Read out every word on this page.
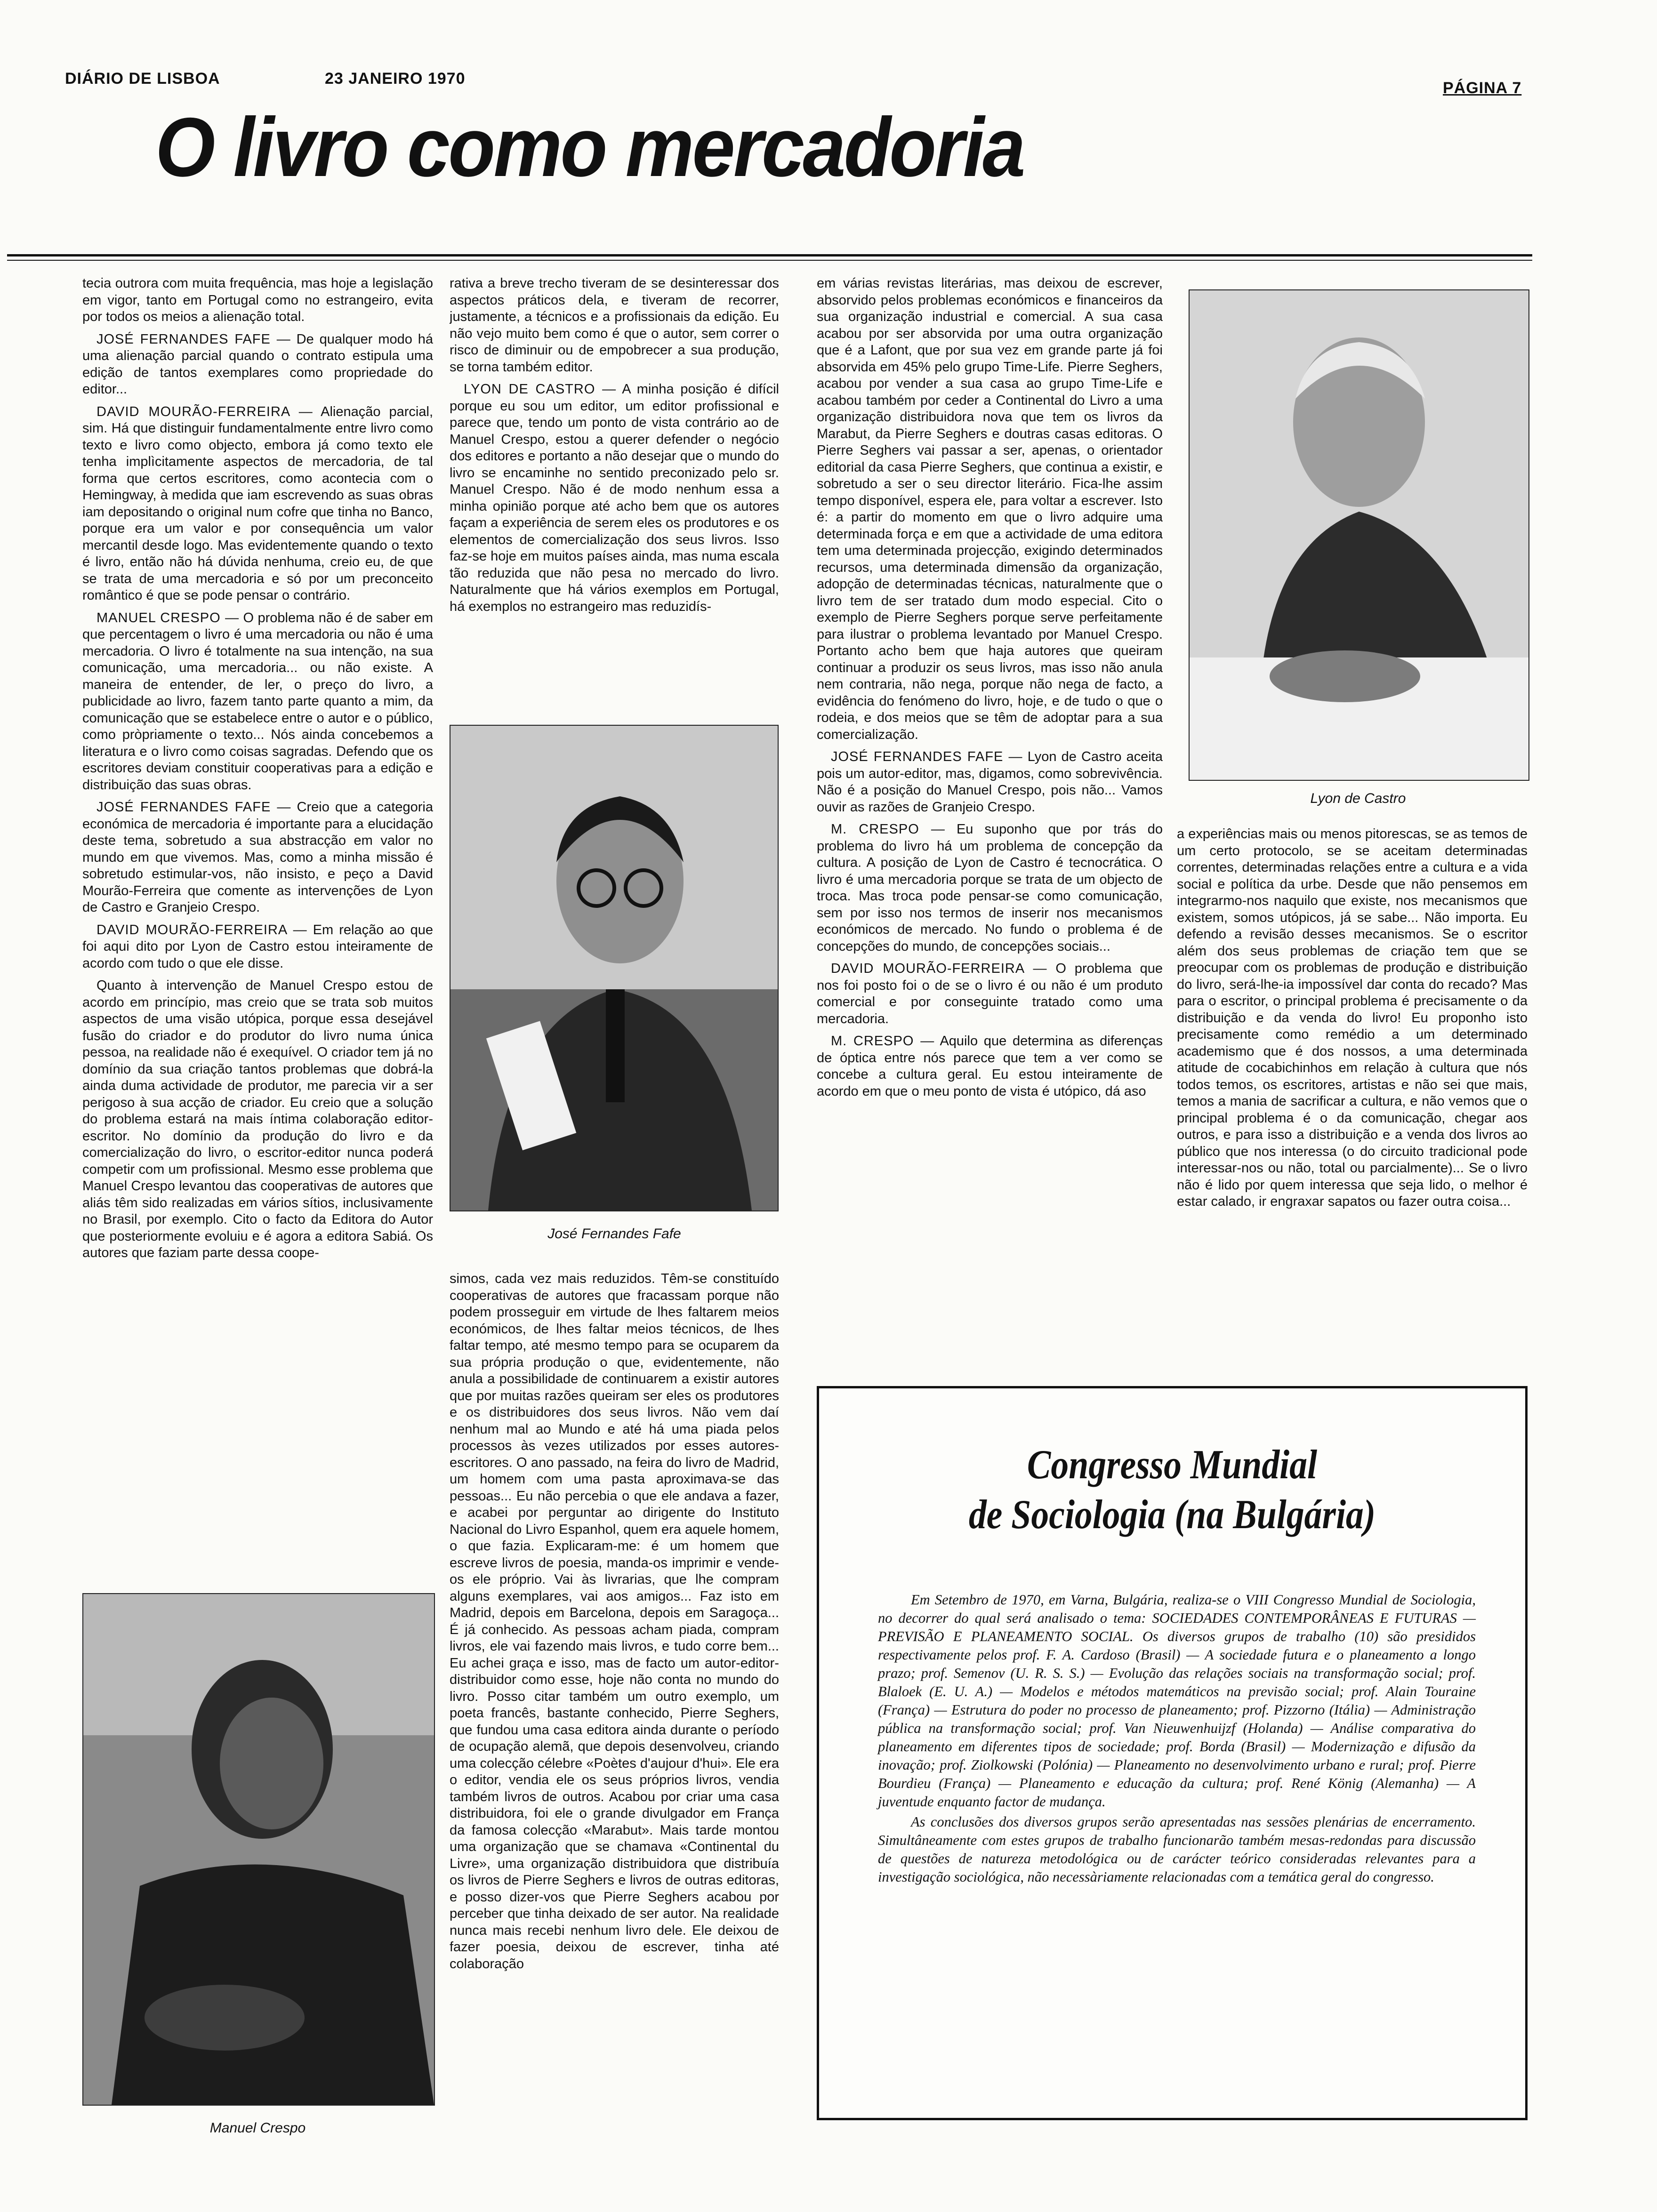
DIÁRIO DE LISBOA	23 JANEIRO 1970
PÁGINA 7
O livro como mercadoria

tecia outrora com muita frequência, mas hoje a legislação em vigor, tanto em Portugal como no estrangeiro, evita por todos os meios a alienação total.

JOSÉ FERNANDES FAFE — De qualquer modo há uma alienação parcial quando o contrato estipula uma edição de tantos exemplares como propriedade do editor...

DAVID MOURÃO-FERREIRA — Alienação parcial, sim. Há que distinguir fundamentalmente entre livro como texto e livro como objecto, embora já como texto ele tenha implìcitamente aspectos de mercadoria, de tal forma que certos escritores, como acontecia com o Hemingway, à medida que iam escrevendo as suas obras iam depositando o original num cofre que tinha no Banco, porque era um valor e por consequência um valor mercantil desde logo. Mas evidentemente quando o texto é livro, então não há dúvida nenhuma, creio eu, de que se trata de uma mercadoria e só por um preconceito romântico é que se pode pensar o contrário.

MANUEL CRESPO — O problema não é de saber em que percentagem o livro é uma mercadoria ou não é uma mercadoria. O livro é totalmente na sua intenção, na sua comunicação, uma mercadoria... ou não existe. A maneira de entender, de ler, o preço do livro, a publicidade ao livro, fazem tanto parte quanto a mim, da comunicação que se estabelece entre o autor e o público, como pròpriamente o texto... Nós ainda concebemos a literatura e o livro como coisas sagradas. Defendo que os escritores deviam constituir cooperativas para a edição e distribuição das suas obras.

JOSÉ FERNANDES FAFE — Creio que a categoria económica de mercadoria é importante para a elucidação deste tema, sobretudo a sua abstracção em valor no mundo em que vivemos. Mas, como a minha missão é sobretudo estimular-vos, não insisto, e peço a David Mourão-Ferreira que comente as intervenções de Lyon de Castro e Granjeio Crespo.

DAVID MOURÃO-FERREIRA — Em relação ao que foi aqui dito por Lyon de Castro estou inteiramente de acordo com tudo o que ele disse.

Quanto à intervenção de Manuel Crespo estou de acordo em princípio, mas creio que se trata sob muitos aspectos de uma visão utópica, porque essa desejável fusão do criador e do produtor do livro numa única pessoa, na realidade não é exequível. O criador tem já no domínio da sua criação tantos problemas que dobrá-la ainda duma actividade de produtor, me parecia vir a ser perigoso à sua acção de criador. Eu creio que a solução do problema estará na mais íntima colaboração editor-escritor. No domínio da produção do livro e da comercialização do livro, o escritor-editor nunca poderá competir com um profissional. Mesmo esse problema que Manuel Crespo levantou das cooperativas de autores que aliás têm sido realizadas em vários sítios, inclusivamente no Brasil, por exemplo. Cito o facto da Editora do Autor que posteriormente evoluiu e é agora a editora Sabiá. Os autores que faziam parte dessa coope-

Manuel Crespo

rativa a breve trecho tiveram de se desinteressar dos aspectos práticos dela, e tiveram de recorrer, justamente, a técnicos e a profissionais da edição. Eu não vejo muito bem como é que o autor, sem correr o risco de diminuir ou de empobrecer a sua produção, se torna também editor.

LYON DE CASTRO — A minha posição é difícil porque eu sou um editor, um editor profissional e parece que, tendo um ponto de vista contrário ao de Manuel Crespo, estou a querer defender o negócio dos editores e portanto a não desejar que o mundo do livro se encaminhe no sentido preconizado pelo sr. Manuel Crespo. Não é de modo nenhum essa a minha opinião porque até acho bem que os autores façam a experiência de serem eles os produtores e os elementos de comercialização dos seus livros. Isso faz-se hoje em muitos países ainda, mas numa escala tão reduzida que não pesa no mercado do livro. Naturalmente que há vários exemplos em Portugal, há exemplos no estrangeiro mas reduzidís-

José Fernandes Fafe

simos, cada vez mais reduzidos. Têm-se constituído cooperativas de autores que fracassam porque não podem prosseguir em virtude de lhes faltarem meios económicos, de lhes faltar meios técnicos, de lhes faltar tempo, até mesmo tempo para se ocuparem da sua própria produção o que, evidentemente, não anula a possibilidade de continuarem a existir autores que por muitas razões queiram ser eles os produtores e os distribuidores dos seus livros. Não vem daí nenhum mal ao Mundo e até há uma piada pelos processos às vezes utilizados por esses autores-escritores. O ano passado, na feira do livro de Madrid, um homem com uma pasta aproximava-se das pessoas... Eu não percebia o que ele andava a fazer, e acabei por perguntar ao dirigente do Instituto Nacional do Livro Espanhol, quem era aquele homem, o que fazia. Explicaram-me: é um homem que escreve livros de poesia, manda-os imprimir e vende-os ele próprio. Vai às livrarias, que lhe compram alguns exemplares, vai aos amigos... Faz isto em Madrid, depois em Barcelona, depois em Saragoça... É já conhecido. As pessoas acham piada, compram livros, ele vai fazendo mais livros, e tudo corre bem... Eu achei graça e isso, mas de facto um autor-editor-distribuidor como esse, hoje não conta no mundo do livro. Posso citar também um outro exemplo, um poeta francês, bastante conhecido, Pierre Seghers, que fundou uma casa editora ainda durante o período de ocupação alemã, que depois desenvolveu, criando uma colecção célebre «Poètes d'aujour d'hui». Ele era o editor, vendia ele os seus próprios livros, vendia também livros de outros. Acabou por criar uma casa distribuidora, foi ele o grande divulgador em França da famosa colecção «Marabut». Mais tarde montou uma organização que se chamava «Continental du Livre», uma organização distribuidora que distribuía os livros de Pierre Seghers e livros de outras editoras, e posso dizer-vos que Pierre Seghers acabou por perceber que tinha deixado de ser autor. Na realidade nunca mais recebi nenhum livro dele. Ele deixou de fazer poesia, deixou de escrever, tinha até colaboração

em várias revistas literárias, mas deixou de escrever, absorvido pelos problemas económicos e financeiros da sua organização industrial e comercial. A sua casa acabou por ser absorvida por uma outra organização que é a Lafont, que por sua vez em grande parte já foi absorvida em 45% pelo grupo Time-Life. Pierre Seghers, acabou por vender a sua casa ao grupo Time-Life e acabou também por ceder a Continental do Livro a uma organização distribuidora nova que tem os livros da Marabut, da Pierre Seghers e doutras casas editoras. O Pierre Seghers vai passar a ser, apenas, o orientador editorial da casa Pierre Seghers, que continua a existir, e sobretudo a ser o seu director literário. Fica-lhe assim tempo disponível, espera ele, para voltar a escrever. Isto é: a partir do momento em que o livro adquire uma determinada força e em que a actividade de uma editora tem uma determinada projecção, exigindo determinados recursos, uma determinada dimensão da organização, adopção de determinadas técnicas, naturalmente que o livro tem de ser tratado dum modo especial. Cito o exemplo de Pierre Seghers porque serve perfeitamente para ilustrar o problema levantado por Manuel Crespo. Portanto acho bem que haja autores que queiram continuar a produzir os seus livros, mas isso não anula nem contraria, não nega, porque não nega de facto, a evidência do fenómeno do livro, hoje, e de tudo o que o rodeia, e dos meios que se têm de adoptar para a sua comercialização.

JOSÉ FERNANDES FAFE — Lyon de Castro aceita pois um autor-editor, mas, digamos, como sobrevivência. Não é a posição do Manuel Crespo, pois não... Vamos ouvir as razões de Granjeio Crespo.

M. CRESPO — Eu suponho que por trás do problema do livro há um problema de concepção da cultura. A posição de Lyon de Castro é tecnocrática. O livro é uma mercadoria porque se trata de um objecto de troca. Mas troca pode pensar-se como comunicação, sem por isso nos termos de inserir nos mecanismos económicos de mercado. No fundo o problema é de concepções do mundo, de concepções sociais...

DAVID MOURÃO-FERREIRA — O problema que nos foi posto foi o de se o livro é ou não é um produto comercial e por conseguinte tratado como uma mercadoria.

M. CRESPO — Aquilo que determina as diferenças de óptica entre nós parece que tem a ver como se concebe a cultura geral. Eu estou inteiramente de acordo em que o meu ponto de vista é utópico, dá aso

Lyon de Castro

a experiências mais ou menos pitorescas, se as temos de um certo protocolo, se se aceitam determinadas correntes, determinadas relações entre a cultura e a vida social e política da urbe. Desde que não pensemos em integrarmo-nos naquilo que existe, nos mecanismos que existem, somos utópicos, já se sabe... Não importa. Eu defendo a revisão desses mecanismos. Se o escritor além dos seus problemas de criação tem que se preocupar com os problemas de produção e distribuição do livro, será-lhe-ia impossível dar conta do recado? Mas para o escritor, o principal problema é precisamente o da distribuição e da venda do livro! Eu proponho isto precisamente como remédio a um determinado academismo que é dos nossos, a uma determinada atitude de cocabichinhos em relação à cultura que nós todos temos, os escritores, artistas e não sei que mais, temos a mania de sacrificar a cultura, e não vemos que o principal problema é o da comunicação, chegar aos outros, e para isso a distribuição e a venda dos livros ao público que nos interessa (o do circuito tradicional pode interessar-nos ou não, total ou parcialmente)... Se o livro não é lido por quem interessa que seja lido, o melhor é estar calado, ir engraxar sapatos ou fazer outra coisa...

Congresso Mundial
de Sociologia (na Bulgária)

Em Setembro de 1970, em Varna, Bulgária, realiza-se o VIII Congresso Mundial de Sociologia, no decorrer do qual será analisado o tema: SOCIEDADES CONTEMPORÂNEAS E FUTURAS — PREVISÃO E PLANEAMENTO SOCIAL. Os diversos grupos de trabalho (10) são presididos respectivamente pelos prof. F. A. Cardoso (Brasil) — A sociedade futura e o planeamento a longo prazo; prof. Semenov (U. R. S. S.) — Evolução das relações sociais na transformação social; prof. Blaloek (E. U. A.) — Modelos e métodos matemáticos na previsão social; prof. Alain Touraine (França) — Estrutura do poder no processo de planeamento; prof. Pizzorno (Itália) — Administração pública na transformação social; prof. Van Nieuwenhuijzf (Holanda) — Análise comparativa do planeamento em diferentes tipos de sociedade; prof. Borda (Brasil) — Modernização e difusão da inovação; prof. Ziolkowski (Polónia) — Planeamento no desenvolvimento urbano e rural; prof. Pierre Bourdieu (França) — Planeamento e educação da cultura; prof. René König (Alemanha) — A juventude enquanto factor de mudança.

As conclusões dos diversos grupos serão apresentadas nas sessões plenárias de encerramento. Simultâneamente com estes grupos de trabalho funcionarão também mesas-redondas para discussão de questões de natureza metodológica ou de carácter teórico consideradas relevantes para a investigação sociológica, não necessàriamente relacionadas com a temática geral do congresso.
